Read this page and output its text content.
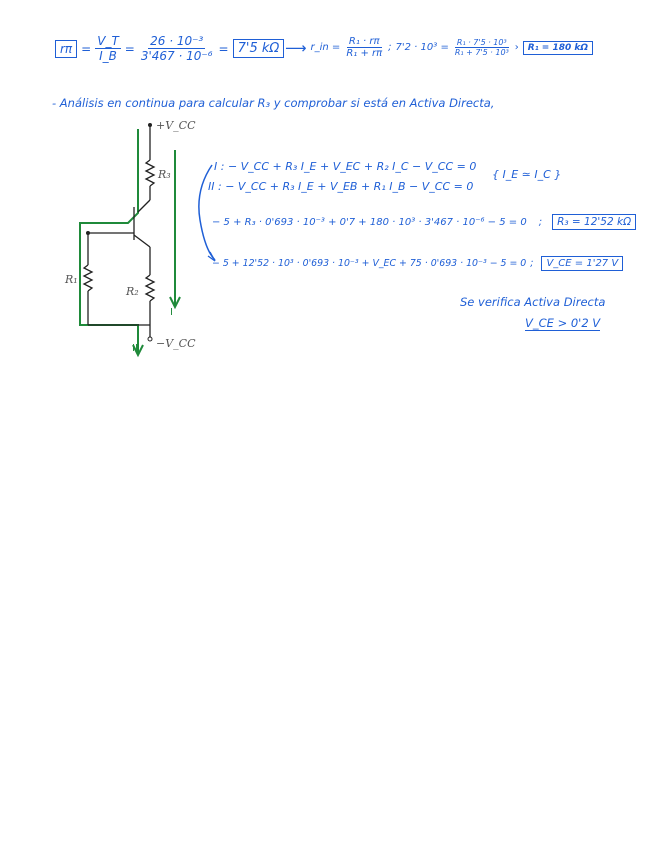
$r\pi = \frac{V\_T}{I\_B} = \frac{\text{26 · 10⁻³}}{\text{3'467 · 10⁻⁶}} = 7'5$ kΩ ⟶ r_in = $\frac{\text{R₁ · rπ}}{\text{R₁ + rπ}}$ ; $7'2 \cdot 10^3 = \frac{\text{R₁ · 7'5 · 10³}}{\text{R₁ + 7'5 · 10³}}$ ›	R₁ = 180 kΩ
- Análisis en continua para calcular R₃ y comprobar si está en Activa Directa,
+V_CC
−V_CC
R₃
R₂
R₁
I
II
I : − V_CC + R₃ I_E + V_EC + R₂ I_C − V_CC = 0
II : − V_CC + R₃ I_E + V_EB + R₁ I_B − V_CC = 0
{ I_E ≃ I_C }
− 5 + R₃ · 0'693 · 10⁻³ + 0'7 + 180 · 10³ · 3'467 · 10⁻⁶ − 5 = 0 ;	R₃ = 12'52 kΩ
− 5 + 12'52 · 10³ · 0'693 · 10⁻³ + V_EC + 75 · 0'693 · 10⁻³ − 5 = 0 ;	V_CE = 1'27 V
Se verifica Activa Directa
V_CE > 0'2 V
